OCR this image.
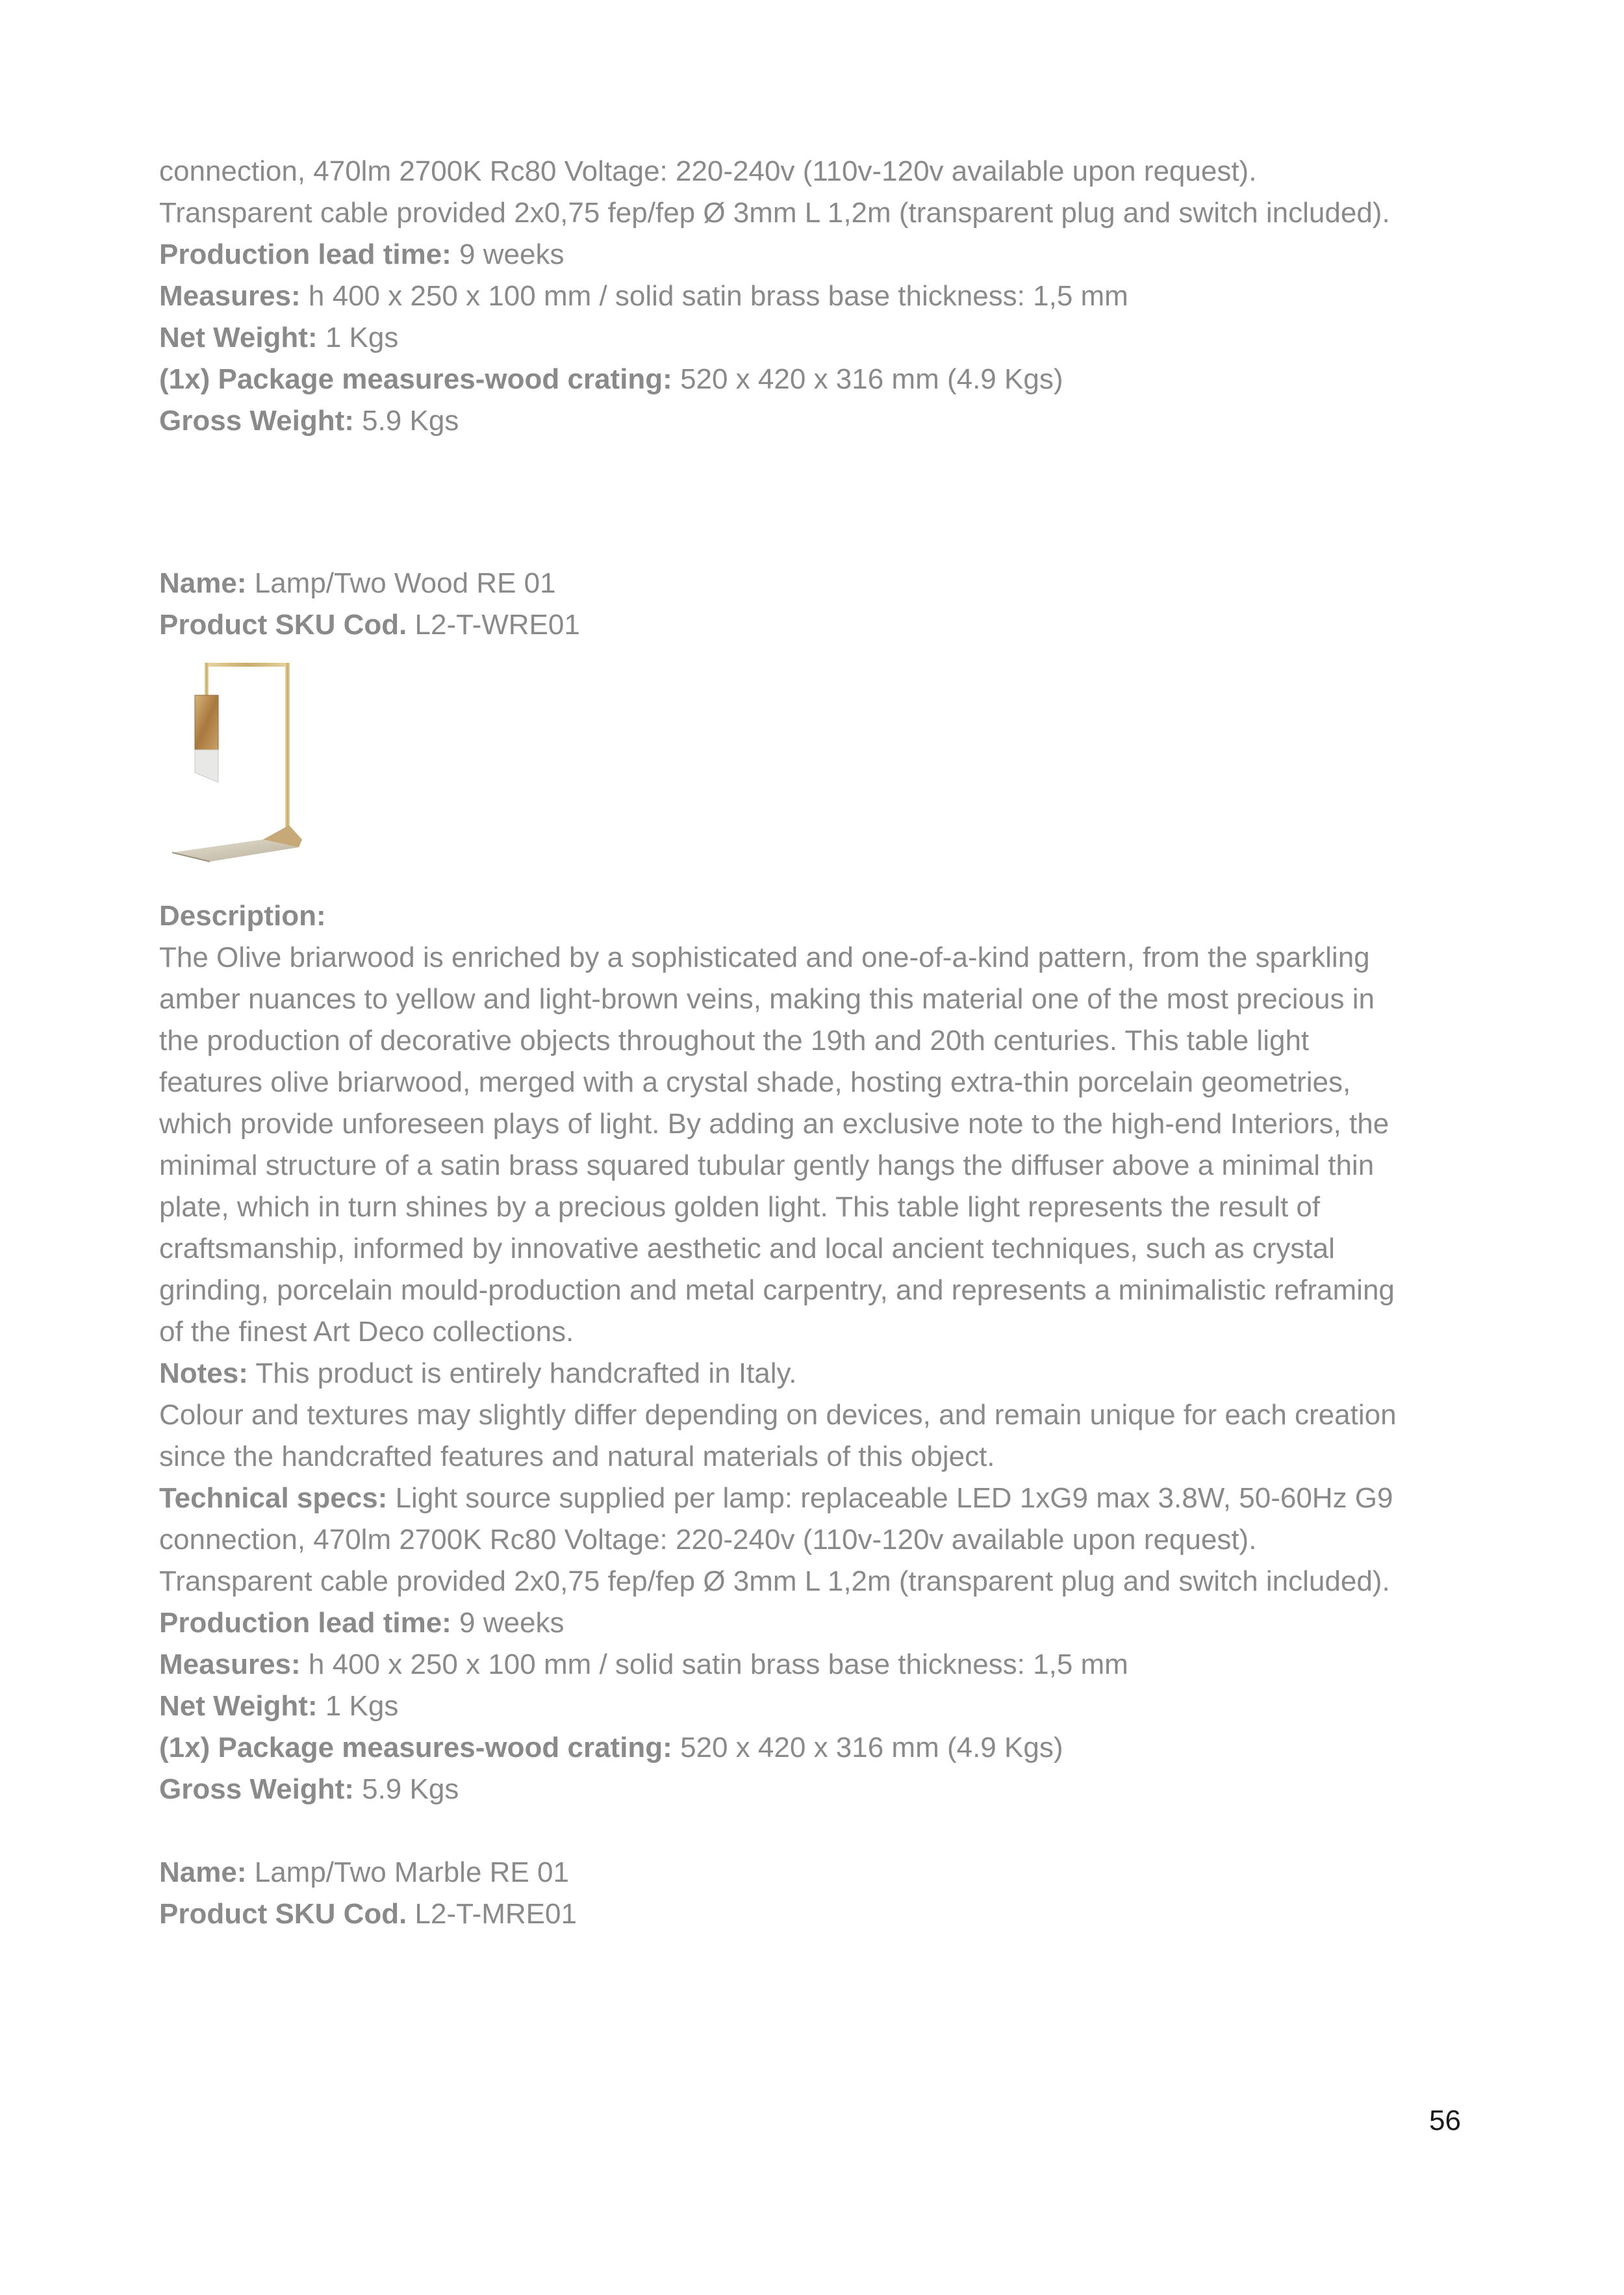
connection, 470lm 2700K Rc80 Voltage: 220-240v (110v-120v available upon request).
Transparent cable provided 2x0,75 fep/fep Ø 3mm L 1,2m (transparent plug and switch included).
Production lead time: 9 weeks
Measures: h 400 x 250 x 100 mm / solid satin brass base thickness: 1,5 mm
Net Weight: 1 Kgs
(1x) Package measures-wood crating: 520 x 420 x 316 mm (4.9 Kgs)
Gross Weight: 5.9 Kgs
Name: Lamp/Two Wood RE 01
Product SKU Cod. L2-T-WRE01
Description:
The Olive briarwood is enriched by a sophisticated and one-of-a-kind pattern, from the sparkling
amber nuances to yellow and light-brown veins, making this material one of the most precious in
the production of decorative objects throughout the 19th and 20th centuries. This table light
features olive briarwood, merged with a crystal shade, hosting extra-thin porcelain geometries,
which provide unforeseen plays of light. By adding an exclusive note to the high-end Interiors, the
minimal structure of a satin brass squared tubular gently hangs the diffuser above a minimal thin
plate, which in turn shines by a precious golden light. This table light represents the result of
craftsmanship, informed by innovative aesthetic and local ancient techniques, such as crystal
grinding, porcelain mould-production and metal carpentry, and represents a minimalistic reframing
of the finest Art Deco collections.
Notes: This product is entirely handcrafted in Italy.
Colour and textures may slightly differ depending on devices, and remain unique for each creation
since the handcrafted features and natural materials of this object.
Technical specs: Light source supplied per lamp: replaceable LED 1xG9 max 3.8W, 50-60Hz G9
connection, 470lm 2700K Rc80 Voltage: 220-240v (110v-120v available upon request).
Transparent cable provided 2x0,75 fep/fep Ø 3mm L 1,2m (transparent plug and switch included).
Production lead time: 9 weeks
Measures: h 400 x 250 x 100 mm / solid satin brass base thickness: 1,5 mm
Net Weight: 1 Kgs
(1x) Package measures-wood crating: 520 x 420 x 316 mm (4.9 Kgs)
Gross Weight: 5.9 Kgs
Name: Lamp/Two Marble RE 01
Product SKU Cod. L2-T-MRE01
56
